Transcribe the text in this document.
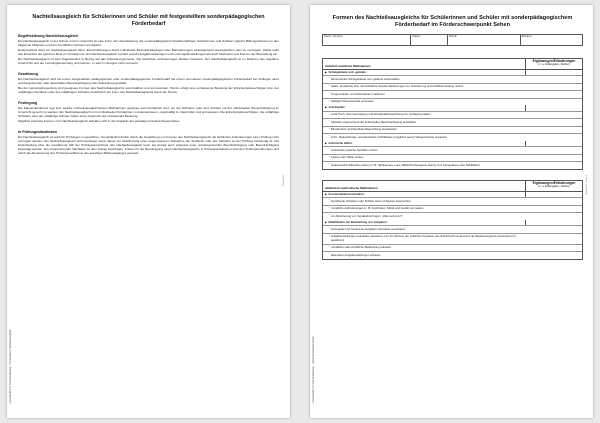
Nachteilsausgleich für Schülerinnen und Schüler mit festgestelltem sonderpädagogischen Förderbedarf
Begriffsklärung Nachteilsausgleich
Ein Nachteilsausgleich in der Schule und im Unterricht ist eine Form der Unterstützung, die sonderpädagogisch förderbedürftigen Schülerinnen und Schülern gleiche Bildungschancen in den allgemein bildenden und den beruflichen Schulen ermöglicht.
Entsprechend dient ein Nachteilsausgleich dazu, Einschränkungen durch individuelle Beeinträchtigungen oder Behinderungen weitestgehend auszugleichen oder zu verringern. Dabei steht das Erreichen der gleichen Ziele im Vordergrund. Ein Nachteilsausgleich bezieht sowohl Aufgabenstellungen und Leistungsfeststellungen als auch Methoden und Formen der Beurteilung ein.
Ein Nachteilsausgleich ist kein Zugeständnis in Bezug auf das Anforderungsniveau. Die fachlichen Anforderungen bleiben bestehen. Der Nachteilsausgleich ist im Rahmen des regulären Unterrichts und der Leistungsbewertung umzusetzen, er wird im Zeugnis nicht vermerkt.
Gewährung
Ein Nachteilsausgleich wird bei einem festgestellten pädagogischen oder sonderpädagogischen Förderbedarf bei einem vermuteten sonderpädagogischen Förderbedarf bei Vorliegen einer vorübergehenden oder dauerhaften Beeinträchtigung oder Erkrankung gewährt.
Bei der Leistungsbewertung sind geeignete Formen des Nachteilsausgleichs auszuwählen und anzuwenden. Hierzu erfolgt eine umfassende Beratung der Erziehungsberechtigten bzw. der volljährigen Schülerin oder des volljährigen Schülers hinsichtlich der Form des Nachteilsausgleichs durch die Schule.
Festlegung
Die Klassenkonferenz legt fest, welche nachteilsausgleichenden Maßnahmen geeignet und erforderlich sind, um der Schülerin oder dem Schüler mit der individuellen Beeinträchtigung im Unterricht gerecht zu werden. Ein Nachteilsausgleich ist im individuellen Förderplan zu dokumentieren, regelmäßig zu überprüfen und anzupassen. Die Erziehungsberechtigten, die volljährige Schülerin oder der volljährige Schüler haben einen Anspruch auf umfassende Beratung.
Mögliche konkrete Formen zum Nachteilsausgleich befinden sich in den Kapiteln des jeweiligen Förderschwerpunktes.
In Prüfungssituationen
Ein Nachteilsausgleich ist auch für Prüfungen zu gewähren. Grundsätzlich dürfen durch die Gewährung von Formen des Nachteilsausgleichs die fachlichen Anforderungen einer Prüfung nicht verringert werden. Ein Nachteilsausgleich wird beantragt, wenn dieser zur Absicherung einer angemessenen Teilnahme der Schülerin oder des Schülers an der Prüfung notwendig ist. Die Entscheidung über die Gewährung trifft der Prüfungsausschuss. Ein Nachteilsausgleich kann auf Antrag auch aufgrund einer vorübergehenden Beeinträchtigung oder Beeinträchtigung beantragt werden. Ein entsprechender Nachweis ist dem Antrag beizufügen. Fristen für die Beantragung eines Nachteilsausgleichs in Prüfungssituationen sind den Prüfungsordnungen und durch die Absolvierung des Prüfungsverfahrens des jeweiligen Bildungsganges geregelt.
Landesinstitut für Schulentwicklung · Handreichung Nachteilsausgleich
Stand 2017
Formen des Nachteilsausgleichs für Schülerinnen und Schüler mit sonderpädagogischem Förderbedarf im Förderschwerpunkt Sehen
Name, Vorname	Klasse	Schule	Zeitraum
räumlich-sächliche Maßnahmen
Ergänzungen/Erläuterungen
(z. a. Zeitangaben, Fächer)
▶ Schulgebäude und -gelände:
– barrierefreies Schulgebäude und -gelände sicherstellen
– taktile, akustische bzw. übersichtliche visuelle Markierungen zur Orientierung und Unfallvermeidung nutzen
– Treppenstufen und Stufenkanten markieren
– häufigen Raumwechsel vermeiden
▶ Arbeitsplatz:
– extra Tisch, Stromversorgung und Arbeitsplatzbeleuchtung zur Verfügung stellen
– Sitzplatz entsprechend der individuellen Beeinträchtigung auswählen
– Blendschutz und blendfreie Beleuchtung bereitstellen
– Licht-, Beleuchtungs- und akustische Verhältnisse (möglichst wenig Störgeräusche) anpassen
▶ technische Hilfen:
– individuelle optische Sehhilfen nutzen
– Laptop oder Tablet nutzen
– elektronische Hilfsmittel nutzen (z. B. Tafelkamera, Lupe, Bildschirmlesegerät, Handy zum Fotografieren des Tafelbildes)
didaktisch-methodische Maßnahmen
Ergänzungen/Erläuterungen
(z. a. Zeitangaben, Fächer)
▶ Kommunikationsverhalten:
– betreffende Schülerin oder Schüler stets mit Namen ansprechen
– mündliche Aufforderungen (z. B. Kopfnicken, Mimik und Gestik) vermeiden
– zur Absicherung von Verständnis fragen: „Was siehst du?“
▶ Modifikation der Bearbeitung von Aufgaben:
– Zeitzugaben für bestimmte Aufgaben individuell vereinbaren
– Aufgabenstellungen quantitativ reduzieren (um für Nehmen der zeitlichen Vorgaben des Schulrhythmus dennoch die Bearbeitungszeit ausreichend zu gewähren)
– mündliche statt schriftliche Bearbeitung anbieten
– alternative Aufgabenstellungen anbieten
Landesinstitut für Schulentwicklung · Förderschwerpunkt Sehen
Stand 2017 · Seite 1
